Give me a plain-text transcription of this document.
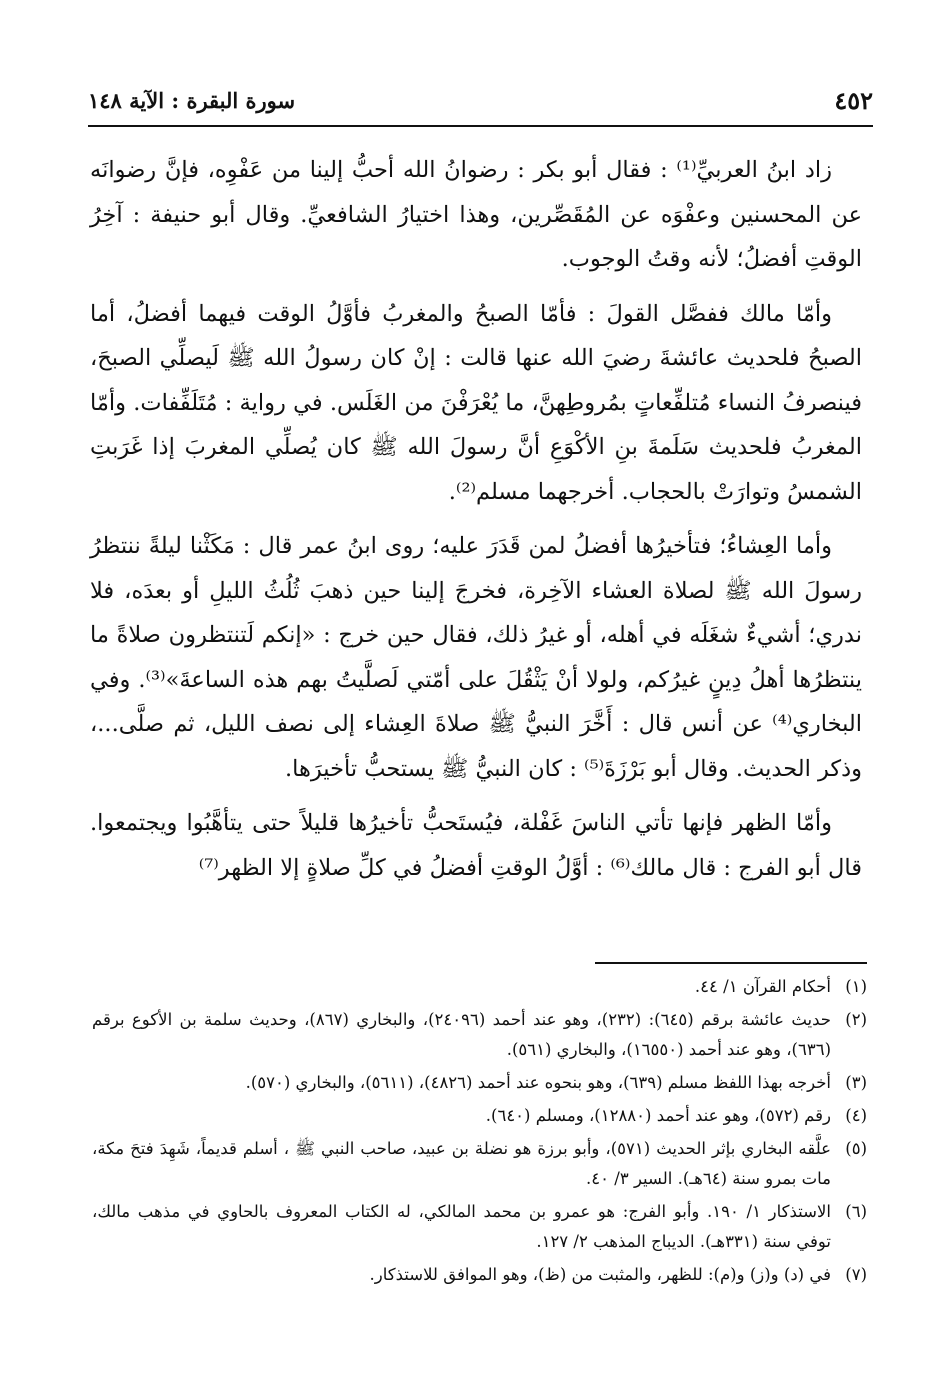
٤٥٢
سورة البقرة : الآية ١٤٨

زاد ابنُ العربيِّ⁽¹⁾ : فقال أبو بكر : رضوانُ الله أحبُّ إلينا من عَفْوِه، فإنَّ رضوانَه عن المحسنين وعفْوَه عن المُقَصِّرين، وهذا اختيارُ الشافعيِّ. وقال أبو حنيفة : آخِرُ الوقتِ أفضلُ؛ لأنه وقتُ الوجوب.

وأمّا مالك ففصَّل القولَ : فأمّا الصبحُ والمغربُ فأوَّلُ الوقت فيهما أفضلُ، أما الصبحُ فلحديث عائشةَ رضيَ الله عنها قالت : إنْ كان رسولُ الله ﷺ لَيصلِّي الصبحَ، فينصرفُ النساء مُتلفِّعاتٍ بمُروطِهنَّ، ما يُعْرَفْنَ من الغَلَس. في رواية : مُتَلَفِّفات. وأمّا المغربُ فلحديث سَلَمةَ بنِ الأكْوَعِ أنَّ رسولَ الله ﷺ كان يُصلِّي المغربَ إذا غَرَبتِ الشمسُ وتوارَتْ بالحجاب. أخرجهما مسلم⁽²⁾.

وأما العِشاءُ؛ فتأخيرُها أفضلُ لمن قَدَرَ عليه؛ روى ابنُ عمر قال : مَكَثْنا ليلةً ننتظرُ رسولَ الله ﷺ لصلاة العشاء الآخِرة، فخرجَ إلينا حين ذهبَ ثُلُثُ الليلِ أو بعدَه، فلا ندري؛ أشيءٌ شغَلَه في أهله، أو غيرُ ذلك، فقال حين خرج : «إنكم لَتنتظرون صلاةً ما ينتظرُها أهلُ دِينٍ غيرُكم، ولولا أنْ يَثْقُلَ على أمّتي لَصلَّيتُ بهم هذه الساعةَ»⁽³⁾. وفي البخاري⁽⁴⁾ عن أنس قال : أَخَّرَ النبيُّ ﷺ صلاةَ العِشاء إلى نصف الليل، ثم صلَّى...، وذكر الحديث. وقال أبو بَرْزَةَ⁽⁵⁾ : كان النبيُّ ﷺ يستحبُّ تأخيرَها.

وأمّا الظهر فإنها تأتي الناسَ غَفْلة، فيُستَحبُّ تأخيرُها قليلاً حتى يتأهَّبُوا ويجتمعوا. قال أبو الفرج : قال مالك⁽⁶⁾ : أوَّلُ الوقتِ أفضلُ في كلِّ صلاةٍ إلا الظهر⁽⁷⁾

(١)
أحكام القرآن ١/ ٤٤.
(٢)
حديث عائشة برقم (٦٤٥): (٢٣٢)، وهو عند أحمد (٢٤٠٩٦)، والبخاري (٨٦٧)، وحديث سلمة بن الأكوع برقم (٦٣٦)، وهو عند أحمد (١٦٥٥٠)، والبخاري (٥٦١).
(٣)
أخرجه بهذا اللفظ مسلم (٦٣٩)، وهو بنحوه عند أحمد (٤٨٢٦)، (٥٦١١)، والبخاري (٥٧٠).
(٤)
رقم (٥٧٢)، وهو عند أحمد (١٢٨٨٠)، ومسلم (٦٤٠).
(٥)
علَّقه البخاري بإثر الحديث (٥٧١)، وأبو برزة هو نضلة بن عبيد، صاحب النبي ﷺ ، أسلم قديماً، شَهِدَ فتحَ مكة، مات بمرو سنة (٦٤هـ). السير ٣/ ٤٠.
(٦)
الاستذكار ١/ ١٩٠. وأبو الفرج: هو عمرو بن محمد المالكي، له الكتاب المعروف بالحاوي في مذهب مالك، توفي سنة (٣٣١هـ). الديباج المذهب ٢/ ١٢٧.
(٧)
في (د) و(ز) و(م): للظهر، والمثبت من (ظ)، وهو الموافق للاستذكار.
